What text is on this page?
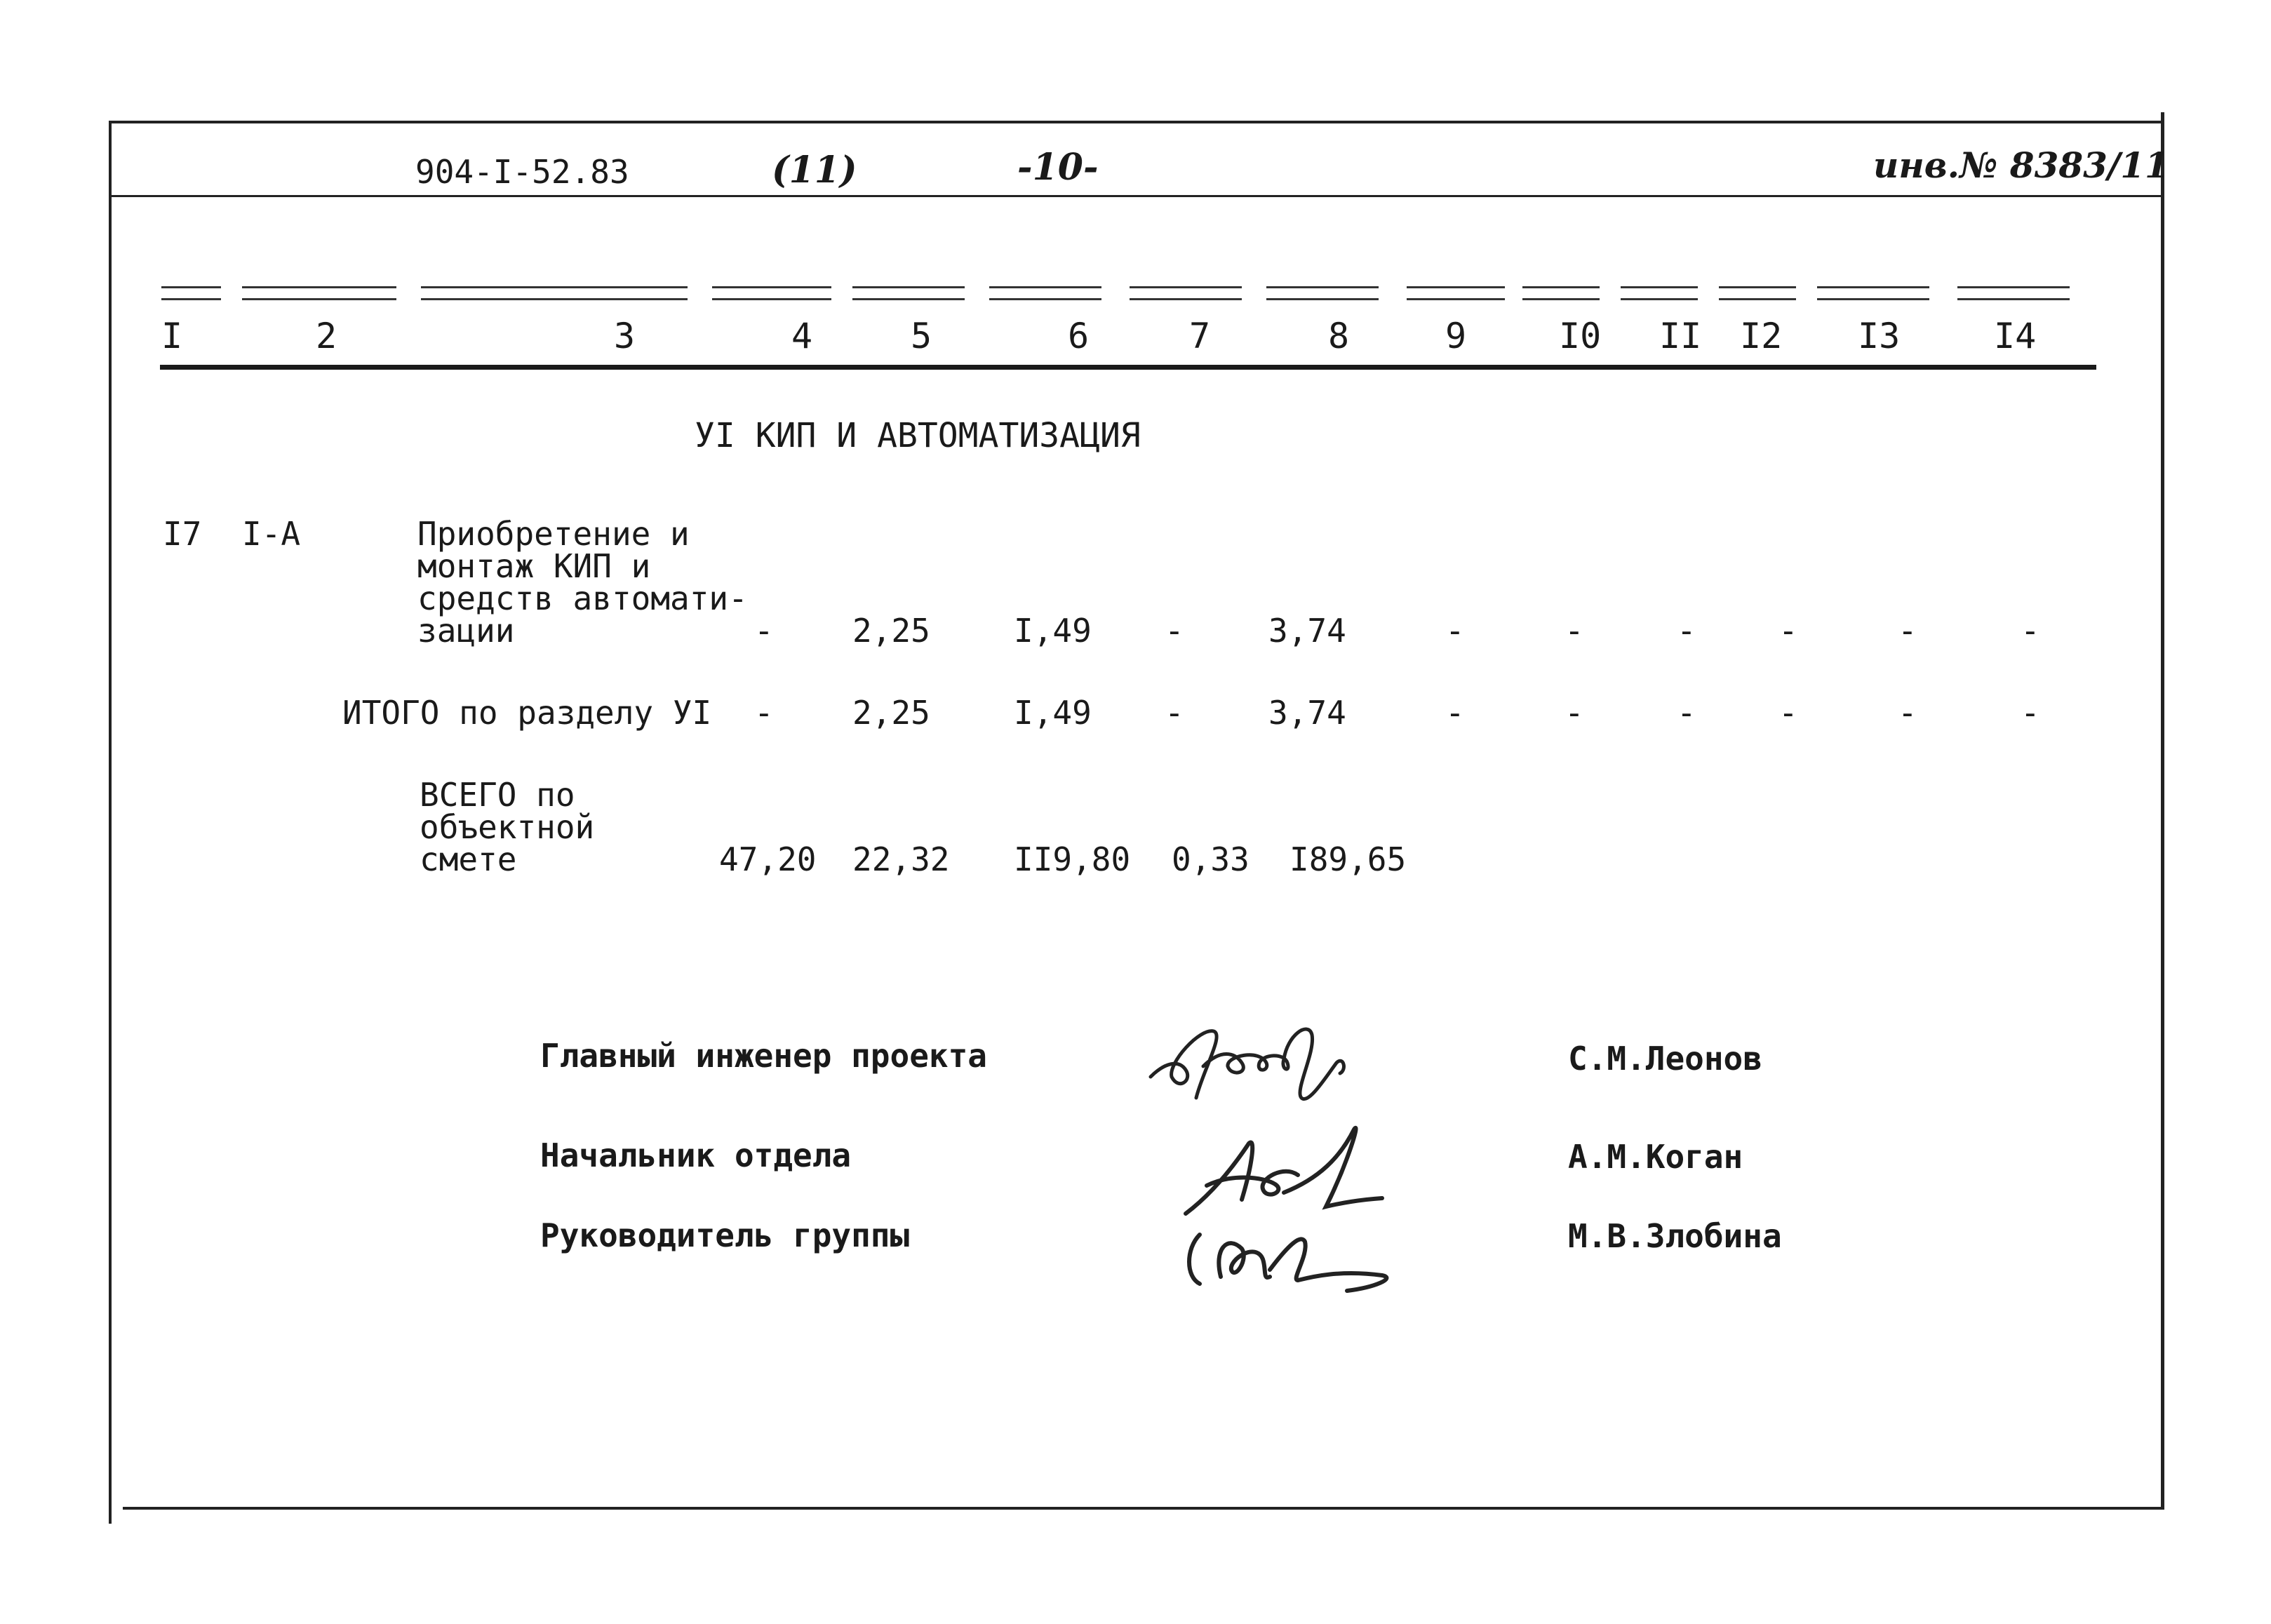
904-I-52.83	(11)	-10-	инв.№ 8383/11
I	2	3	4	5	6	7	8	9	I0 II I2 I3	I4
УI КИП И АВТОМАТИЗАЦИЯ
I7 I-А	Приобретение и
монтаж КИП и
средств автомати-
зации	- 2,25	I,49 -	3,74	-	-	-	-	-	-
ИТОГО по разделу УI - 2,25	I,49 -	3,74	-	-	-	-	-	-
ВСЕГО по
объектной
смете	47,20 22,32 II9,80 0,33 I89,65
Главный инженер проекта	С.М.Леонов
Начальник отдела	А.М.Коган
Руководитель группы	М.В.Злобина
